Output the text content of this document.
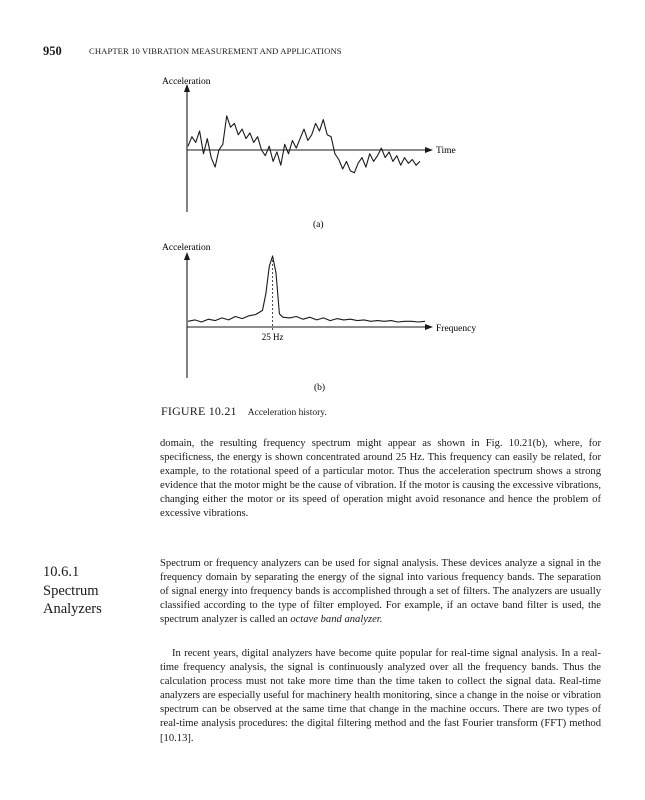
950	CHAPTER 10 VIBRATION MEASUREMENT AND APPLICATIONS
Acceleration
Time
(a)
Acceleration
Frequency
25 Hz
(b)
FIGURE 10.21 Acceleration history.

domain, the resulting frequency spectrum might appear as shown in Fig. 10.21(b), where, for specificness, the energy is shown concentrated around 25 Hz. This frequency can easily be related, for example, to the rotational speed of a particular motor. Thus the acceleration spectrum shows a strong evidence that the motor might be the cause of vibration. If the motor is causing the excessive vibrations, changing either the motor or its speed of operation might avoid resonance and hence the problem of excessive vibrations.

10.6.1
Spectrum
Analyzers

Spectrum or frequency analyzers can be used for signal analysis. These devices analyze a signal in the frequency domain by separating the energy of the signal into various frequency bands. The separation of signal energy into frequency bands is accomplished through a set of filters. The analyzers are usually classified according to the type of filter employed. For example, if an octave band filter is used, the spectrum analyzer is called an octave band analyzer.

In recent years, digital analyzers have become quite popular for real-time signal analysis. In a real-time frequency analysis, the signal is continuously analyzed over all the frequency bands. Thus the calculation process must not take more time than the time taken to collect the signal data. Real-time analyzers are especially useful for machinery health monitoring, since a change in the noise or vibration spectrum can be observed at the same time that change in the machine occurs. There are two types of real-time analysis procedures: the digital filtering method and the fast Fourier transform (FFT) method [10.13].
